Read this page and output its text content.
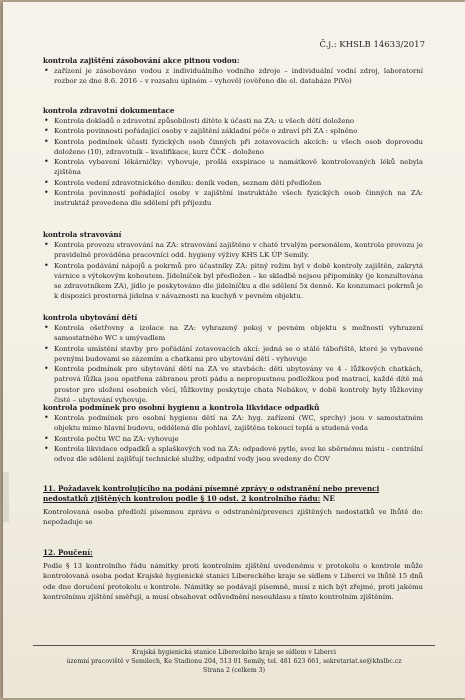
Č.j.: KHSLB 14633/2017
kontrola zajištění zásobování akce pitnou vodou:
• zařízení je zásobováno vodou z individuálního vodního zdroje – individuální vodní zdroj, laboratorní rozbor ze dne 8.6. 2016 – v rozsahu úplném – vyhověl (ověřeno dle el. databáze PiVo)
kontrola zdravotní dokumentace
• Kontrola dokladů o zdravotní způsobilosti dítěte k účasti na ZA: u všech dětí doloženo
• Kontrola povinnosti pořádající osoby v zajištění základní péče o zdraví při ZA : splněno
• Kontrola podmínek účasti fyzických osob činných při zotavovacích akcích: u všech osob doprovodu doloženo (10), zdravotník – kvalifikace, kurz ČČK - doloženo
• Kontrola vybavení lékárničky: vyhovuje, prošlá exspirace u namátkově kontrolovaných léků nebyla zjištěna
• Kontrola vedení zdravotnického deníku: deník veden, seznam dětí předložen
• Kontrola povinností pořádající osoby v zajištění instruktáže všech fyzických osob činných na ZA: instruktáž provedena dle sdělení při příjezdu
kontrola stravování
• Kontrola provozu stravování na ZA: stravování zajištěno v chatě trvalým personálem, kontrola provozu je pravidelně prováděna pracovníci odd. hygieny výživy KHS LK ÚP Semily.
• Kontrola podávání nápojů a pokrmů pro účastníky ZA: pitný režim byl v době kontroly zajištěn, zakrytá várnice s výtokovým kohoutem. Jídelníček byl předložen – ke skladbě nejsou připomínky (je konzultována se zdravotníkem ZA), jídlo je poskytováno dle jídelníčku a dle sdělení 5x denně. Ke konzumaci pokrmů je k dispozici prostorná jídelna v návaznosti na kuchyň v pevném objektu.
kontrola ubytování dětí
• Kontrola ošetřovny a izolace na ZA: vyhrazený pokoj v pevném objektu s možností vyhrazení samostatného WC s umývadlem
• Kontrola umístění stavby pro pořádání zotavovacích akcí: jedná se o stálé tábořiště, které je vybavené pevnými budovami se zázemím a chatkami pro ubytování dětí - vyhovuje
• Kontrola podmínek pro ubytování dětí na ZA ve stavbách: děti ubytovány ve 4 - lůžkových chatkách, patrová lůžka jsou opatřena zábranou proti pádu a nepropustnou podložkou pod matrací, každé dítě má prostor pro uložení osobních věcí, lůžkoviny poskytuje chata Nebákov, v době kontroly byly lůžkoviny čisté – ubytování vyhovuje.
kontrola podmínek pro osobní hygienu a kontrola likvidace odpadků
• Kontrola podmínek pro osobní hygienu dětí na ZA: hyg. zařízení (WC, sprchy) jsou v samostatném objektu mimo hlavní budovu, oddělená dle pohlaví, zajištěna tekoucí teplá a studená voda
• Kontrola počtu WC na ZA: vyhovuje
• Kontrola likvidace odpadků a splaškových vod na ZA: odpadové pytle, svoz ke sběrnému místu - centrální odvoz dle sdělení zajišťují technické služby, odpadní vody jsou svedeny do ČOV
11. Požadavek kontrolujícího na podání písemné zprávy o odstranění nebo prevenci nedostatků zjištěných kontrolou podle § 10 odst. 2 kontrolního řádu: NE
Kontrolovaná osoba předloží písemnou zprávu o odstranění/prevenci zjištěných nedostatků ve lhůtě do: nepožaduje se
12. Poučení:
Podle § 13 kontrolního řádu námitky proti kontrolním zjištění uvedenému v protokolu o kontrole může kontrolovaná osoba podat Krajské hygienické stanici Libereckého kraje se sídlem v Liberci ve lhůtě 15 dnů ode dne doručení protokolu o kontrole. Námitky se podávají písemně, musí z nich být zřejmé, proti jakému kontrolnímu zjištění směřují, a musí obsahovat odůvodnění nesouhlasu s tímto kontrolním zjištěním.
Krajská hygienická stanice Libereckého kraje se sídlem v Liberci
územní pracoviště v Semilech, Ke Stadionu 204, 513 01 Semily, tel. 481 623 661, sekretariat.se@khslbc.cz
Strana 2 (celkem 3)
